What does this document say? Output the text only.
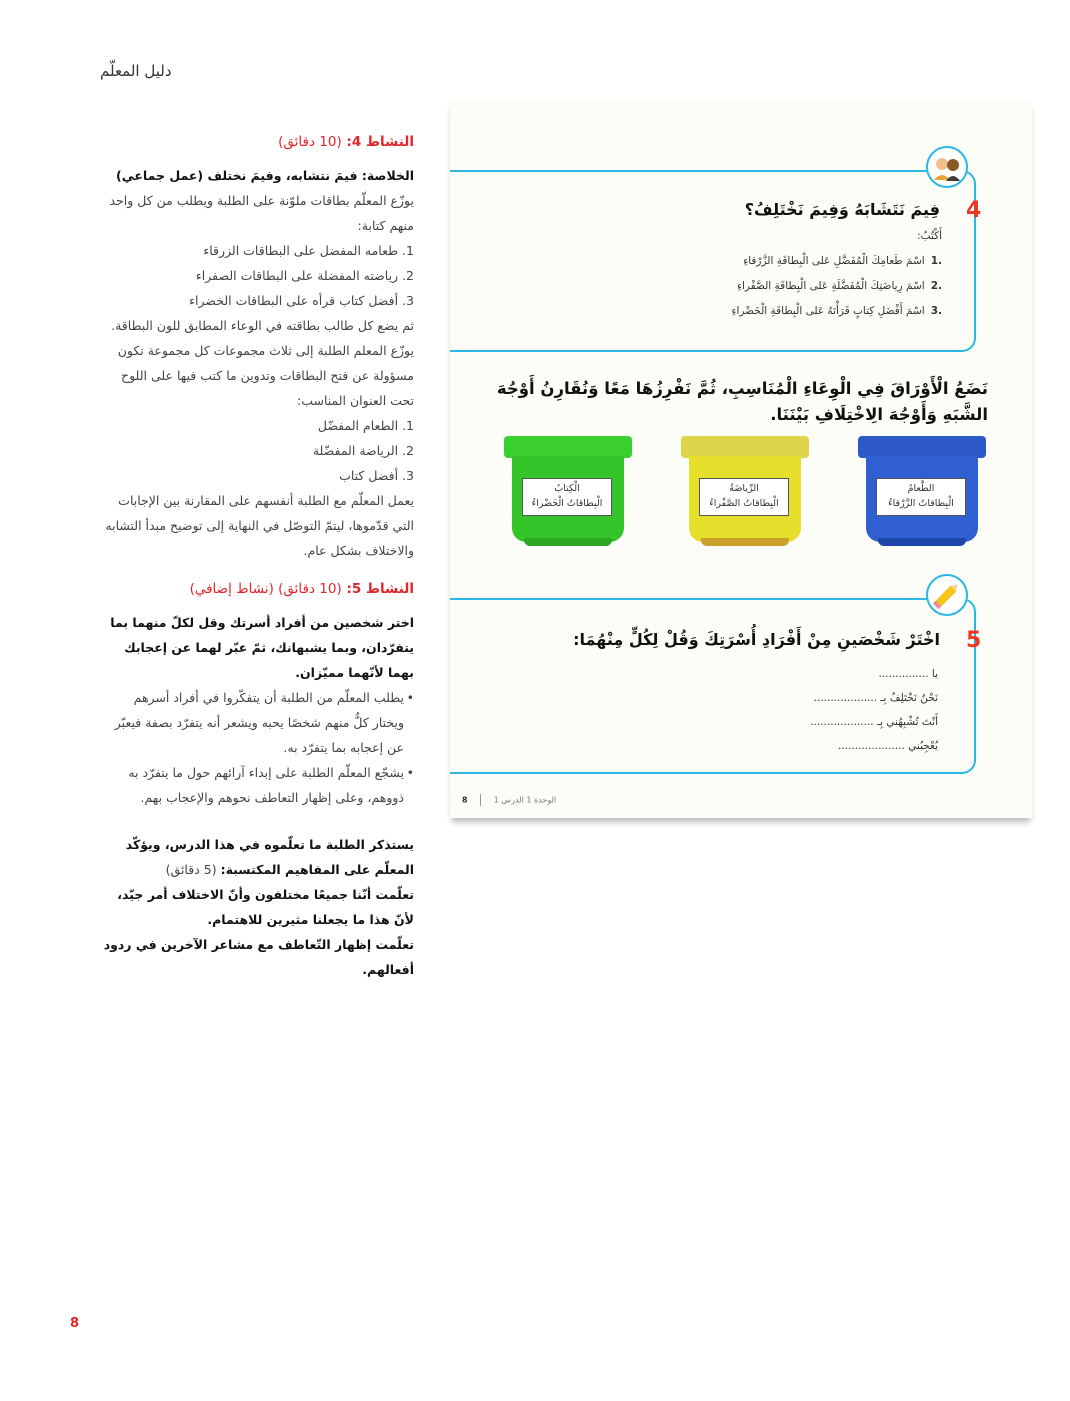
دليل المعلّم
النشاط 4: (10 دقائق)

الخلاصة: فيمَ نتشابه، وفيمَ نختلف (عمل جماعي)

يوزّع المعلّم بطاقات ملوّنة على الطلبة ويطلب من كل واحد منهم كتابة:

1. طعامه المفضل على البطاقات الزرقاء

2. رياضته المفضلة على البطاقات الصفراء

3. أفضل كتاب قرأه على البطاقات الخضراء

ثم يضع كل طالب بطاقته في الوعاء المطابق للون البطاقة. يوزّع المعلم الطلبة إلى ثلاث مجموعات كل مجموعة تكون مسؤولة عن فتح البطاقات وتدوين ما كتب فيها على اللوح تحت العنوان المناسب:

1. الطعام المفضّل

2. الرياضة المفضّلة

3. أفضل كتاب

يعمل المعلّم مع الطلبة أنفسهم على المقارنة بين الإجابات التي قدّموها، ليتمّ التوصّل في النهاية إلى توضيح مبدأ التشابه والاختلاف بشكل عام.

النشاط 5: (10 دقائق) (نشاط إضافي)

اختر شخصين من أفراد أسرتك وقل لكلّ منهما بما يتفرّدان، وبما يشبهانك، ثمّ عبّر لهما عن إعجابك بهما لأنّهما مميّزان.

• يطلب المعلّم من الطلبة أن يتفكّروا في أفراد أسرهم ويختار كلٌّ منهم شخصًا يحبه ويشعر أنه يتفرّد بصفة فيعبّر عن إعجابه بما يتفرّد به.

• يشجّع المعلّم الطلبة على إبداء آرائهم حول ما يتفرّد به ذووهم، وعلى إظهار التعاطف نحوهم والإعجاب بهم.

يستذكر الطلبة ما تعلّموه في هذا الدرس، ويؤكّد المعلّم على المفاهيم المكتسبة: (5 دقائق)

تعلّمت أنّنا جميعًا مختلفون وأنّ الاختلاف أمر جيّد، لأنّ هذا ما يجعلنا مثيرين للاهتمام.

تعلّمت إظهار التّعاطف مع مشاعر الآخرين في ردود أفعالهم.

8
4
فِيمَ نَتَشَابَهُ وَفِيمَ نَخْتَلِفُ؟
أَكْتُبُ:
.1اسْمَ طَعامِكَ الْمُفَضَّلِ عَلى الْبِطاقَةِ الزَّرْقاءِ
.2اسْمَ رِياضَتِكَ الْمُفَضَّلَةِ عَلى الْبِطاقَةِ الصَّفْراءِ
.3اسْمَ أَفْضَلِ كِتابٍ قَرَأْتَهُ عَلى الْبِطاقَةِ الْخَضْراءِ
نَضَعُ الْأَوْرَاقَ فِي الْوِعَاءِ الْمُنَاسِبِ، ثُمَّ نَفْرِزُهَا مَعًا وَنُقَارِنُ أَوْجُهَ الشَّبَهِ وَأَوْجُهَ الِاخْتِلَافِ بَيْنَنَا.
الطَّعامُ
الْبِطاقاتُ الزَّرْقاءُ
الرِّياضَةُ
الْبِطاقاتُ الصَّفْراءُ
الْكِتابُ
الْبِطاقاتُ الْخَضْراءُ
5
اخْتَرْ شَخْصَينِ مِنْ أَفْرَادِ أُسْرَتِكَ وَقُلْ لِكُلٍّ مِنْهُمَا:
يا ...............
نَحْنُ نَخْتَلِفُ بِـ ...................
أَنْتَ تُشْبِهُني بِـ ...................
يُعْجِبُني ....................
8	الوحدة 1 الدرس 1
